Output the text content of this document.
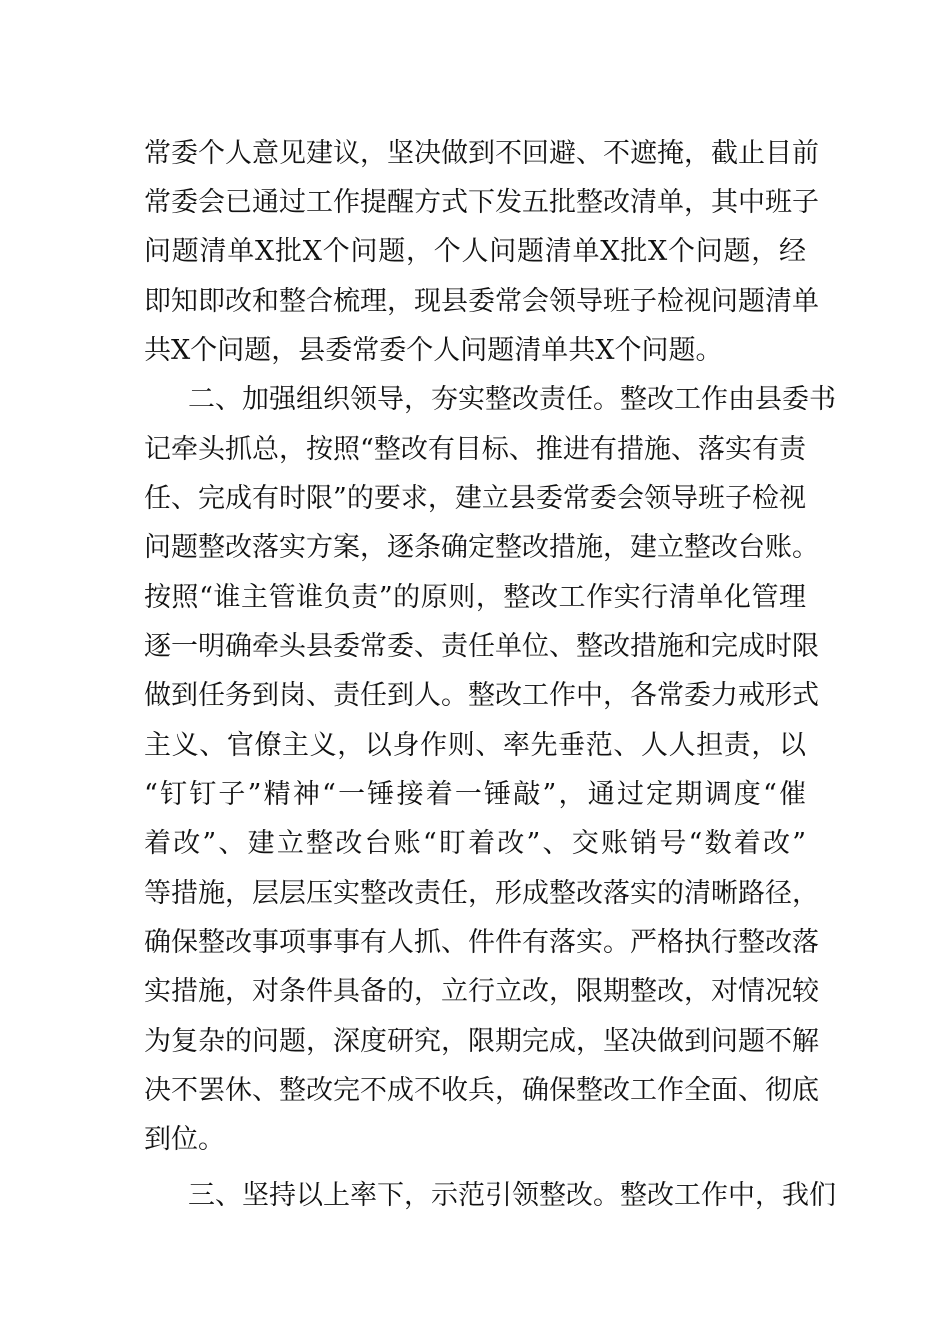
常委个人意见建议，坚决做到不回避、不遮掩，截止目前
常委会已通过工作提醒方式下发五批整改清单，其中班子
问题清单X批X个问题，个人问题清单X批X个问题，经
即知即改和整合梳理，现县委常会领导班子检视问题清单
共X个问题，县委常委个人问题清单共X个问题。
二、加强组织领导，夯实整改责任。整改工作由县委书
记牵头抓总，按照“整改有目标、推进有措施、落实有责
任、完成有时限”的要求，建立县委常委会领导班子检视
问题整改落实方案，逐条确定整改措施，建立整改台账。
按照“谁主管谁负责”的原则，整改工作实行清单化管理
逐一明确牵头县委常委、责任单位、整改措施和完成时限
做到任务到岗、责任到人。整改工作中，各常委力戒形式
主义、官僚主义，以身作则、率先垂范、人人担责，以
“钉钉子”精神“一锤接着一锤敲”，通过定期调度“催
着改”、建立整改台账“盯着改”、交账销号“数着改”
等措施，层层压实整改责任，形成整改落实的清晰路径，
确保整改事项事事有人抓、件件有落实。严格执行整改落
实措施，对条件具备的，立行立改，限期整改，对情况较
为复杂的问题，深度研究，限期完成，坚决做到问题不解
决不罢休、整改完不成不收兵，确保整改工作全面、彻底
到位。
三、坚持以上率下，示范引领整改。整改工作中，我们
